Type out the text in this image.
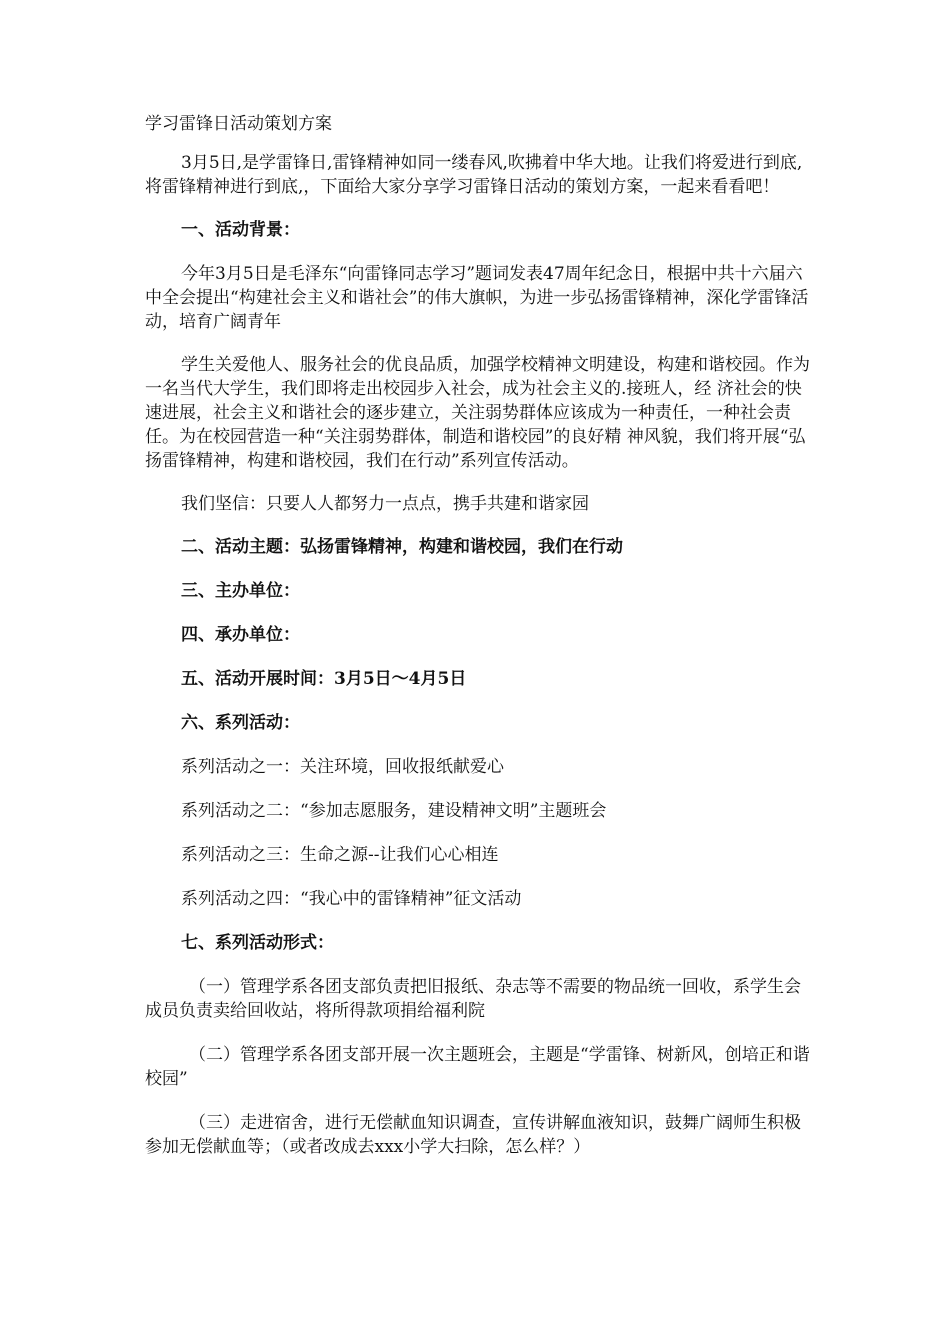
学习雷锋日活动策划方案

3月5日,是学雷锋日,雷锋精神如同一缕春风,吹拂着中华大地。让我们将爱进行到底,将雷锋精神进行到底,，下面给大家分享学习雷锋日活动的策划方案，一起来看看吧！

一、活动背景：

今年3月5日是毛泽东“向雷锋同志学习”题词发表47周年纪念日，根据中共十六届六中全会提出“构建社会主义和谐社会”的伟大旗帜，为进一步弘扬雷锋精神，深化学雷锋活动，培育广阔青年

学生关爱他人、服务社会的优良品质，加强学校精神文明建设，构建和谐校园。作为一名当代大学生，我们即将走出校园步入社会，成为社会主义的.接班人，经 济社会的快速进展，社会主义和谐社会的逐步建立，关注弱势群体应该成为一种责任，一种社会责任。为在校园营造一种“关注弱势群体，制造和谐校园”的良好精 神风貌，我们将开展“弘扬雷锋精神，构建和谐校园，我们在行动”系列宣传活动。

我们坚信：只要人人都努力一点点，携手共建和谐家园

二、活动主题：弘扬雷锋精神，构建和谐校园，我们在行动
三、主办单位：
四、承办单位：
五、活动开展时间：3月5日～4月5日
六、系列活动：
系列活动之一：关注环境，回收报纸献爱心
系列活动之二：“参加志愿服务，建设精神文明”主题班会
系列活动之三：生命之源--让我们心心相连
系列活动之四：“我心中的雷锋精神”征文活动
七、系列活动形式：
（一）管理学系各团支部负责把旧报纸、杂志等不需要的物品统一回收，系学生会成员负责卖给回收站，将所得款项捐给福利院
（二）管理学系各团支部开展一次主题班会，主题是“学雷锋、树新风，创培正和谐校园”
（三）走进宿舍，进行无偿献血知识调查，宣传讲解血液知识，鼓舞广阔师生积极参加无偿献血等；（或者改成去xxx小学大扫除，怎么样？）
